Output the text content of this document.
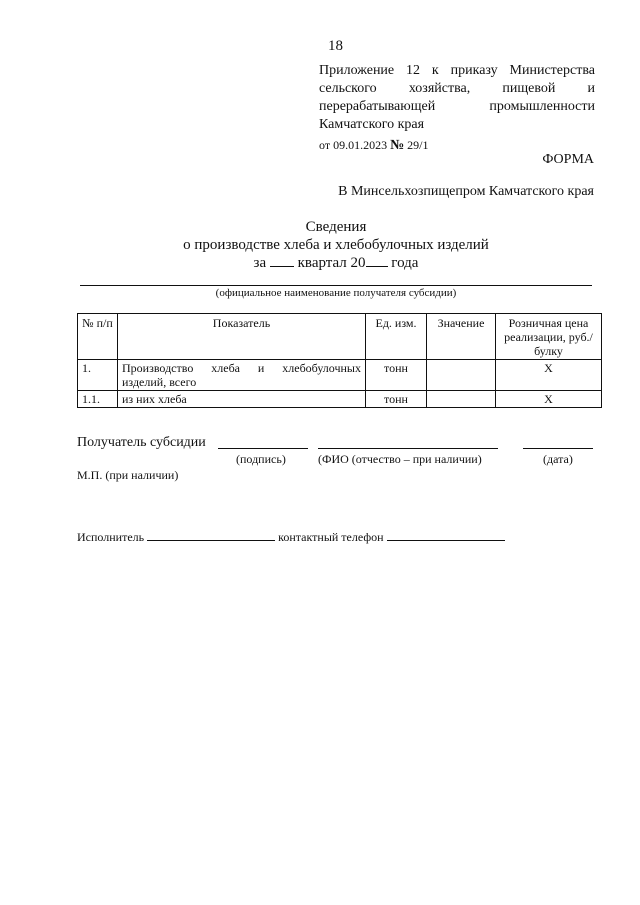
18
Приложение 12 к приказу Министерства
сельского хозяйства, пищевой и
перерабатывающей промышленности
Камчатского края
от 09.01.2023 № 29/1
ФОРМА
В Минсельхозпищепром Камчатского края
Сведения
о производстве хлеба и хлебобулочных изделий
за квартал 20 года
(официальное наименование получателя субсидии)
№ п/п	Показатель	Ед. изм.	Значение	Розничная цена реализации, руб./булку
1.	Производство хлеба и хлебобулочных изделий, всего	тонн		X
1.1.	из них хлеба	тонн		X
Получатель субсидии
(подпись)	(ФИО (отчество – при наличии)	(дата)
М.П. (при наличии)
Исполнитель	контактный телефон
